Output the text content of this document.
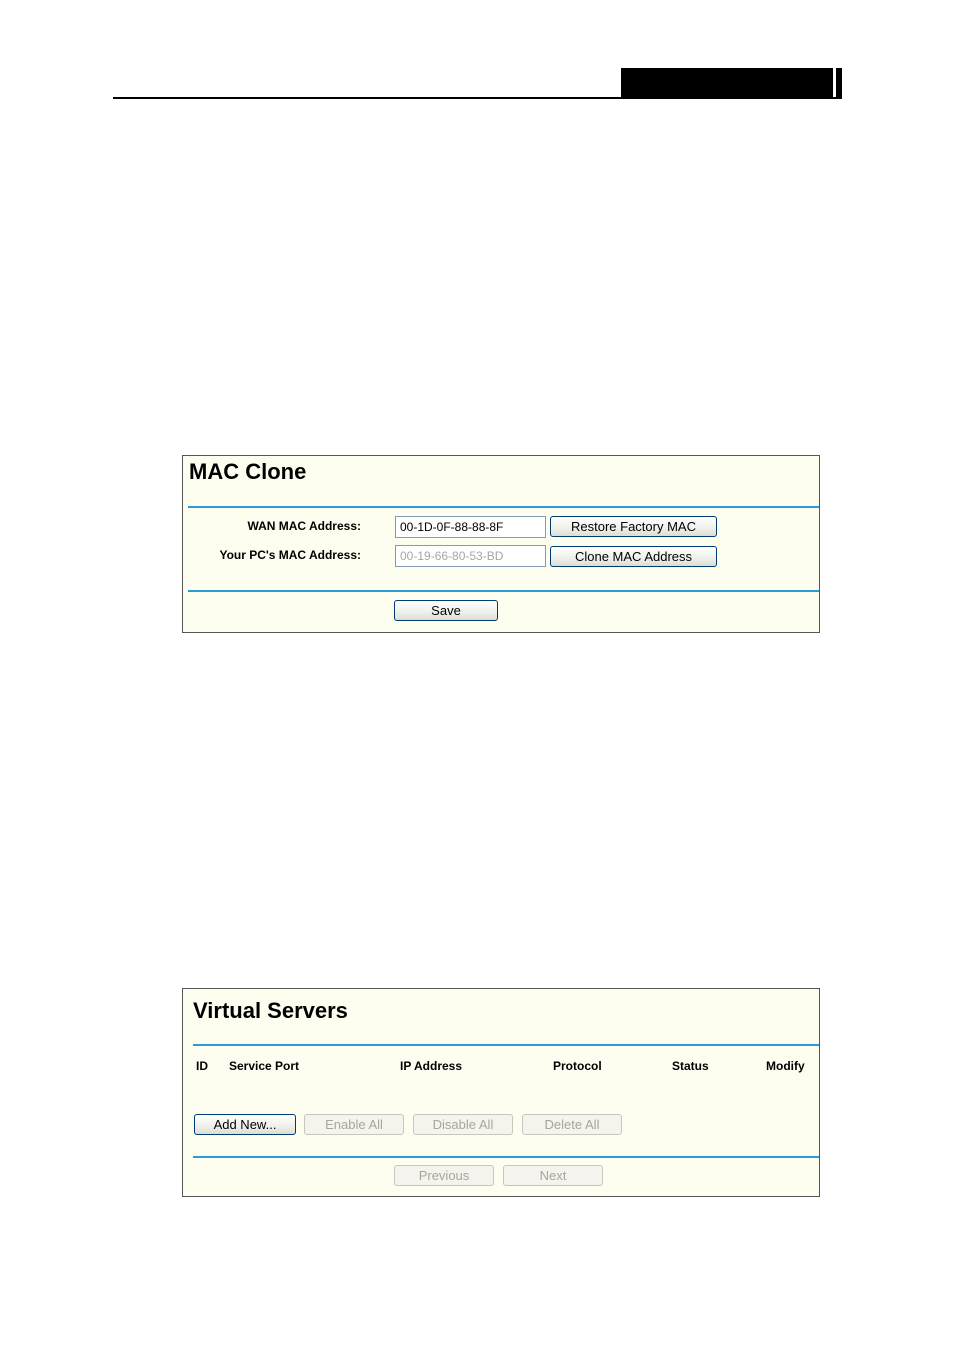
MAC Clone
WAN MAC Address:
00-1D-0F-88-88-8F	Restore Factory MAC
Your PC's MAC Address:
00-19-66-80-53-BD	Clone MAC Address
Save
Virtual Servers
ID Service Port	IP Address	Protocol	Status	Modify
Add New...	Enable All	Disable All	Delete All
Previous	Next
